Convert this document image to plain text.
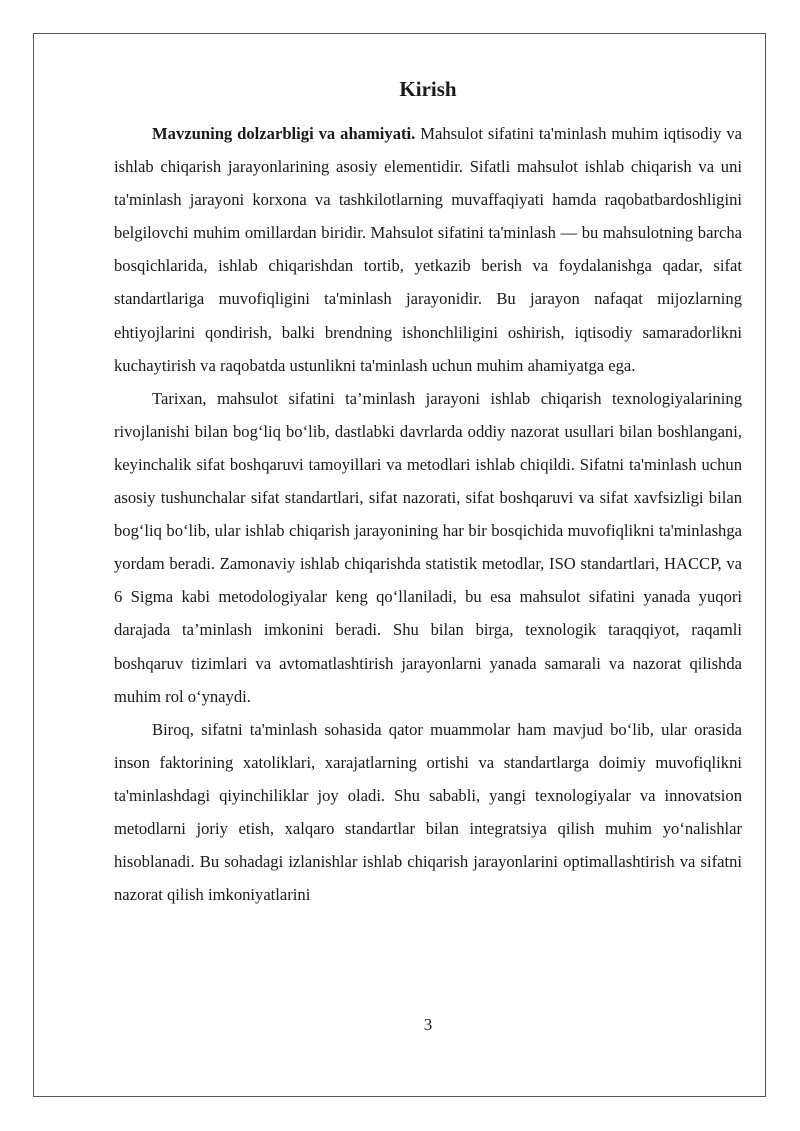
Kirish

Mavzuning dolzarbligi va ahamiyati. Mahsulot sifatini ta'minlash muhim iqtisodiy va ishlab chiqarish jarayonlarining asosiy elementidir. Sifatli mahsulot ishlab chiqarish va uni ta'minlash jarayoni korxona va tashkilotlarning muvaffaqiyati hamda raqobatbardoshligini belgilovchi muhim omillardan biridir. Mahsulot sifatini ta'minlash — bu mahsulotning barcha bosqichlarida, ishlab chiqarishdan tortib, yetkazib berish va foydalanishga qadar, sifat standartlariga muvofiqligini ta'minlash jarayonidir. Bu jarayon nafaqat mijozlarning ehtiyojlarini qondirish, balki brendning ishonchliligini oshirish, iqtisodiy samaradorlikni kuchaytirish va raqobatda ustunlikni ta'minlash uchun muhim ahamiyatga ega.

Tarixan, mahsulot sifatini ta’minlash jarayoni ishlab chiqarish texnologiyalarining rivojlanishi bilan bog‘liq bo‘lib, dastlabki davrlarda oddiy nazorat usullari bilan boshlangani, keyinchalik sifat boshqaruvi tamoyillari va metodlari ishlab chiqildi. Sifatni ta'minlash uchun asosiy tushunchalar sifat standartlari, sifat nazorati, sifat boshqaruvi va sifat xavfsizligi bilan bog‘liq bo‘lib, ular ishlab chiqarish jarayonining har bir bosqichida muvofiqlikni ta'minlashga yordam beradi. Zamonaviy ishlab chiqarishda statistik metodlar, ISO standartlari, HACCP, va 6 Sigma kabi metodologiyalar keng qo‘llaniladi, bu esa mahsulot sifatini yanada yuqori darajada ta’minlash imkonini beradi. Shu bilan birga, texnologik taraqqiyot, raqamli boshqaruv tizimlari va avtomatlashtirish jarayonlarni yanada samarali va nazorat qilishda muhim rol o‘ynaydi.

Biroq, sifatni ta'minlash sohasida qator muammolar ham mavjud bo‘lib, ular orasida inson faktorining xatoliklari, xarajatlarning ortishi va standartlarga doimiy muvofiqlikni ta'minlashdagi qiyinchiliklar joy oladi. Shu sababli, yangi texnologiyalar va innovatsion metodlarni joriy etish, xalqaro standartlar bilan integratsiya qilish muhim yo‘nalishlar hisoblanadi. Bu sohadagi izlanishlar ishlab chiqarish jarayonlarini optimallashtirish va sifatni nazorat qilish imkoniyatlarini

3
